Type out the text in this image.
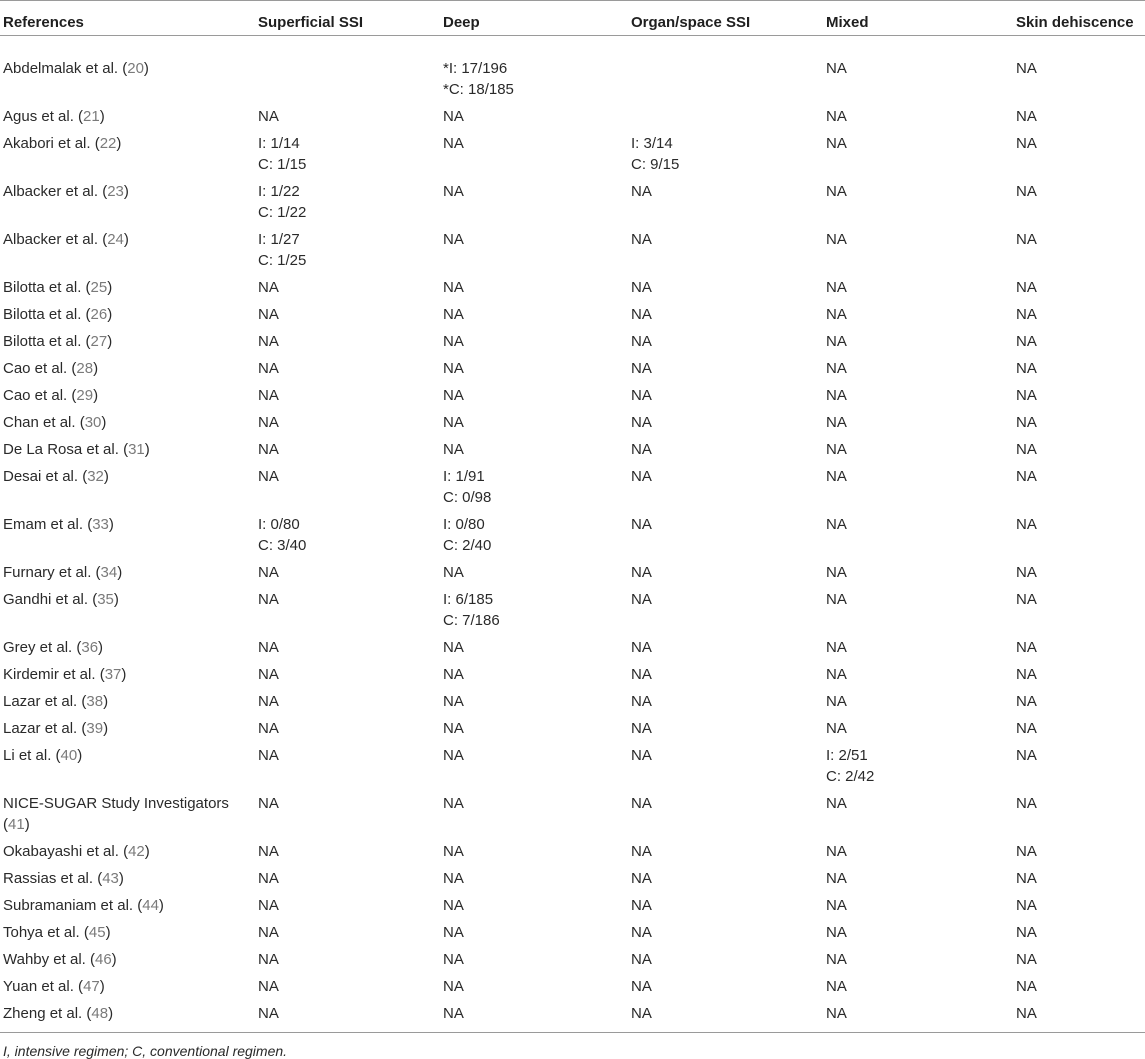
References	Superficial SSI	Deep	Organ/space SSI	Mixed	Skin dehiscence
Abdelmalak et al. (20)		*I: 17/196
*C: 18/185		NA	NA

Agus et al. (21)	NA	NA		NA	NA

Akabori et al. (22)	I: 1/14
C: 1/15	NA	I: 3/14
C: 9/15	NA	NA

Albacker et al. (23)	I: 1/22
C: 1/22	NA	NA	NA	NA

Albacker et al. (24)	I: 1/27
C: 1/25	NA	NA	NA	NA

Bilotta et al. (25)	NA	NA	NA	NA	NA

Bilotta et al. (26)	NA	NA	NA	NA	NA

Bilotta et al. (27)	NA	NA	NA	NA	NA

Cao et al. (28)	NA	NA	NA	NA	NA

Cao et al. (29)	NA	NA	NA	NA	NA

Chan et al. (30)	NA	NA	NA	NA	NA

De La Rosa et al. (31)	NA	NA	NA	NA	NA

Desai et al. (32)	NA	I: 1/91
C: 0/98	NA	NA	NA

Emam et al. (33)	I: 0/80
C: 3/40	I: 0/80
C: 2/40	NA	NA	NA

Furnary et al. (34)	NA	NA	NA	NA	NA

Gandhi et al. (35)	NA	I: 6/185
C: 7/186	NA	NA	NA

Grey et al. (36)	NA	NA	NA	NA	NA

Kirdemir et al. (37)	NA	NA	NA	NA	NA

Lazar et al. (38)	NA	NA	NA	NA	NA

Lazar et al. (39)	NA	NA	NA	NA	NA

Li et al. (40)	NA	NA	NA	I: 2/51
C: 2/42	NA

NICE-SUGAR Study Investigators (41)	NA	NA	NA	NA	NA

Okabayashi et al. (42)	NA	NA	NA	NA	NA

Rassias et al. (43)	NA	NA	NA	NA	NA

Subramaniam et al. (44)	NA	NA	NA	NA	NA

Tohya et al. (45)	NA	NA	NA	NA	NA

Wahby et al. (46)	NA	NA	NA	NA	NA

Yuan et al. (47)	NA	NA	NA	NA	NA

Zheng et al. (48)	NA	NA	NA	NA	NA
I, intensive regimen; C, conventional regimen.
